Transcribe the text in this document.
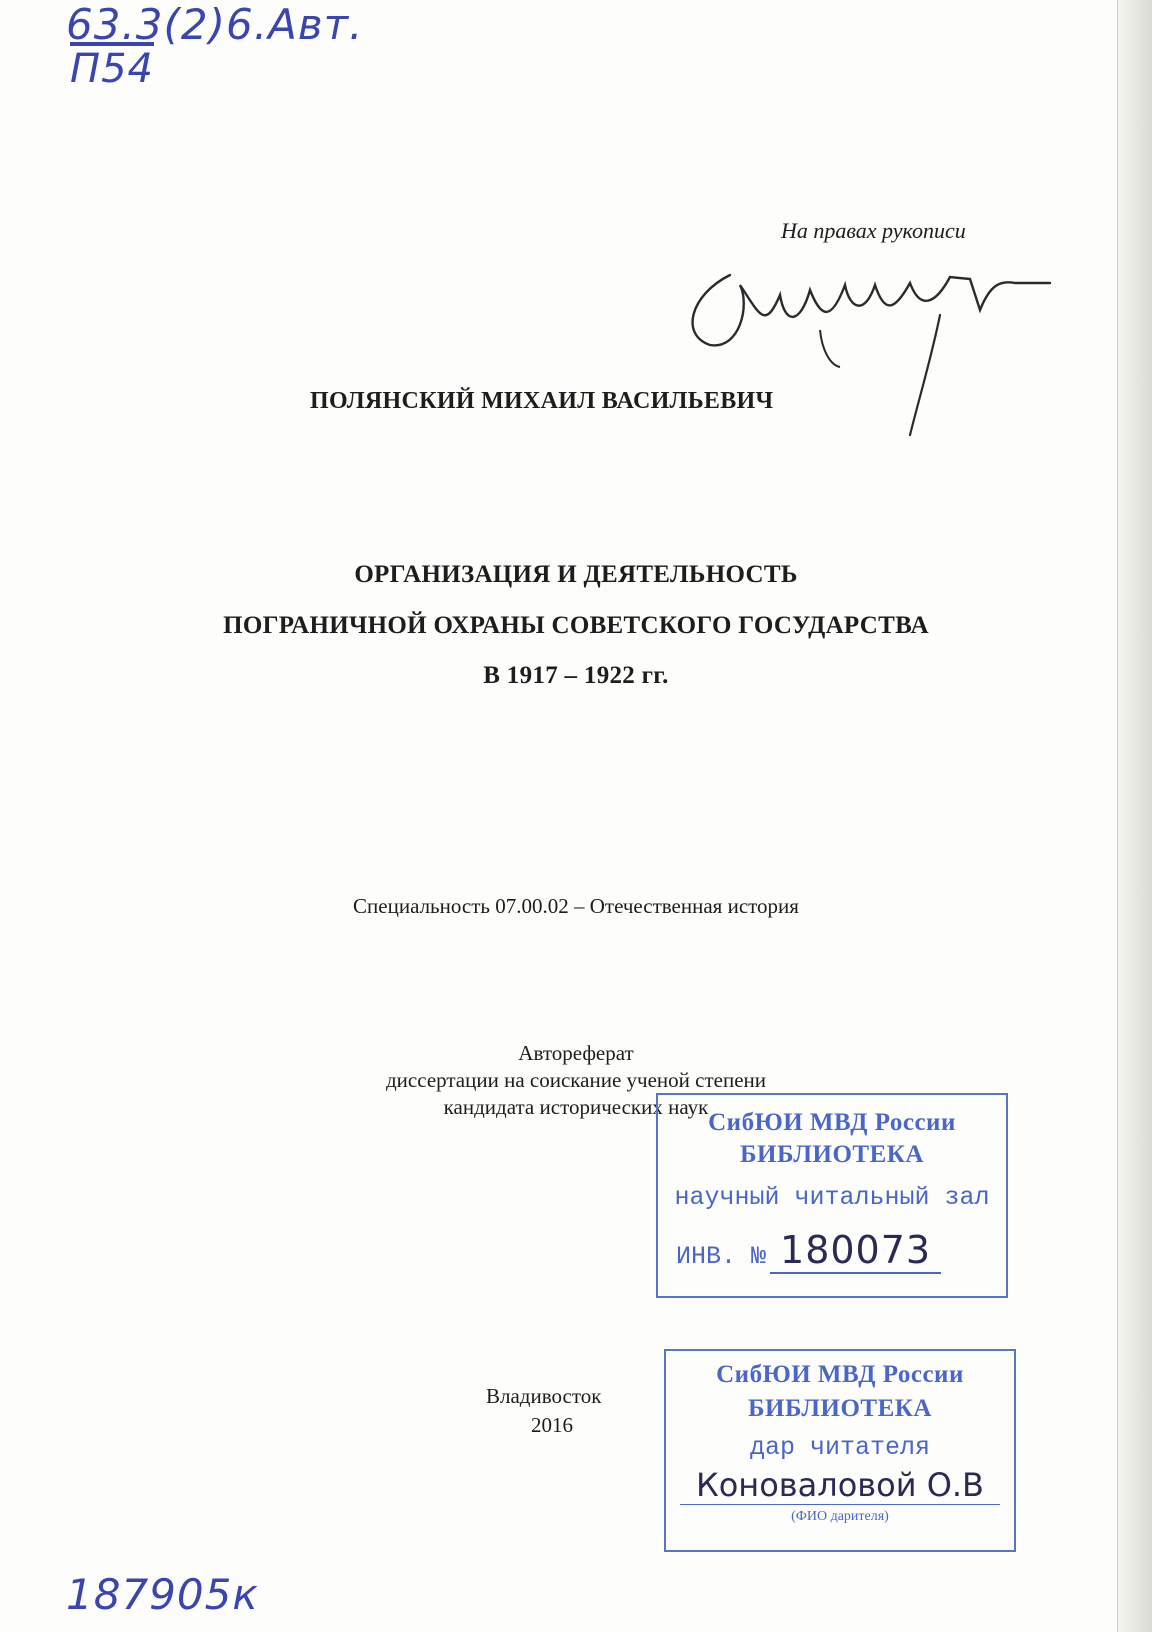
63.3(2)6.Авт.
П54
На правах рукописи
ПОЛЯНСКИЙ МИХАИЛ ВАСИЛЬЕВИЧ
ОРГАНИЗАЦИЯ И ДЕЯТЕЛЬНОСТЬ
ПОГРАНИЧНОЙ ОХРАНЫ СОВЕТСКОГО ГОСУДАРСТВА
В 1917 – 1922 гг.
Специальность 07.00.02 – Отечественная история
Автореферат
диссертации на соискание ученой степени
кандидата исторических наук
СибЮИ МВД России
БИБЛИОТЕКА
научный читальный зал
ИНВ. № 180073
Владивосток
2016
СибЮИ МВД России
БИБЛИОТЕКА
дар читателя
Коноваловой О.В
(ФИО дарителя)
187905к
